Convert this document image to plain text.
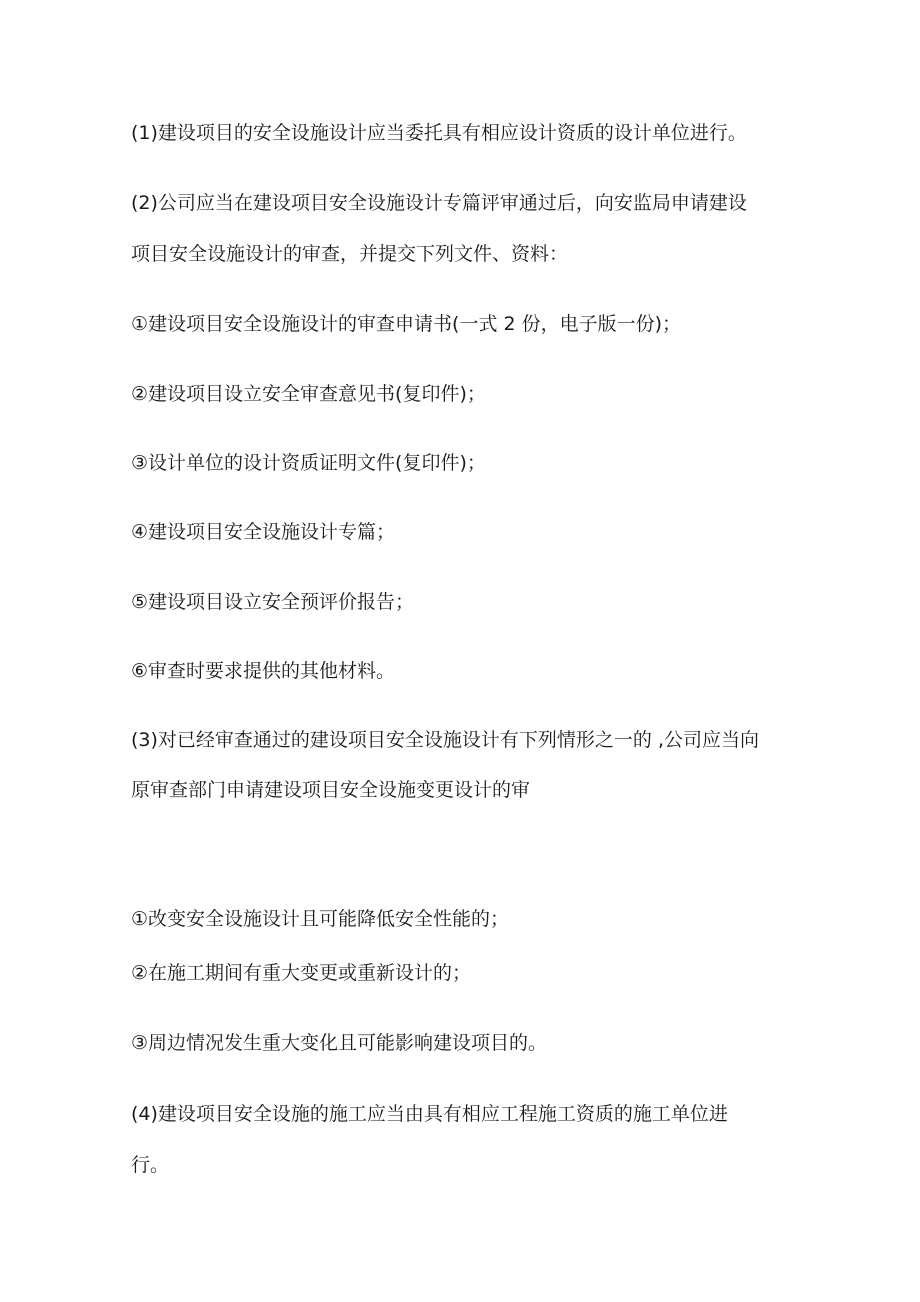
(1)建设项目的安全设施设计应当委托具有相应设计资质的设计单位进行。
(2)公司应当在建设项目安全设施设计专篇评审通过后，向安监局申请建设
项目安全设施设计的审查，并提交下列文件、资料：
①建设项目安全设施设计的审查申请书(一式 2 份，电子版一份)；
②建设项目设立安全审查意见书(复印件)；
③设计单位的设计资质证明文件(复印件)；
④建设项目安全设施设计专篇；
⑤建设项目设立安全预评价报告；
⑥审查时要求提供的其他材料。
(3)对已经审查通过的建设项目安全设施设计有下列情形之一的 ,公司应当向
原审查部门申请建设项目安全设施变更设计的审
①改变安全设施设计且可能降低安全性能的；
②在施工期间有重大变更或重新设计的；
③周边情况发生重大变化且可能影响建设项目的。
(4)建设项目安全设施的施工应当由具有相应工程施工资质的施工单位进
行。
